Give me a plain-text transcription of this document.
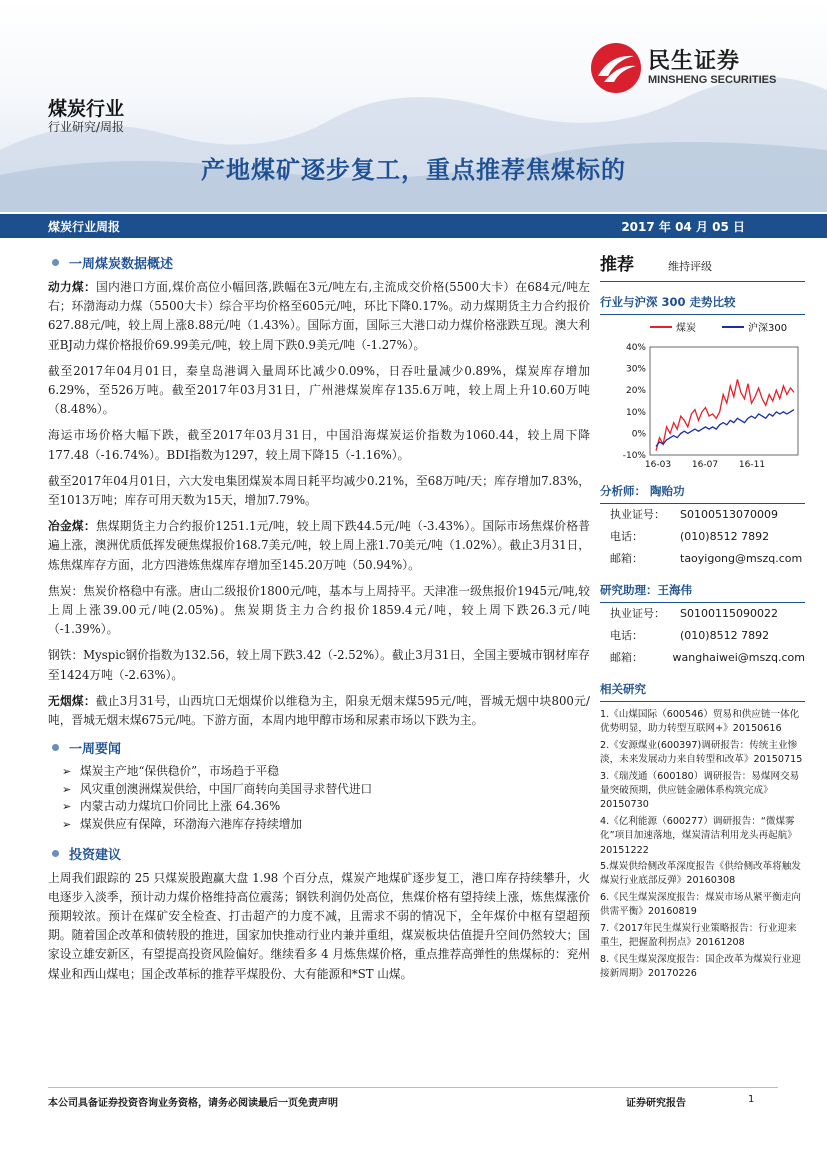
民生证券
MINSHENG SECURITIES
煤炭行业
行业研究/周报
产地煤矿逐步复工，重点推荐焦煤标的
煤炭行业周报	2017 年 04 月 05 日
一周煤炭数据概述

动力煤：国内港口方面,煤价高位小幅回落,跌幅在3元/吨左右,主流成交价格(5500大卡）在684元/吨左右；环渤海动力煤（5500大卡）综合平均价格至605元/吨，环比下降0.17%。动力煤期货主力合约报价627.88元/吨，较上周上涨8.88元/吨（1.43%）。国际方面，国际三大港口动力煤价格涨跌互现。澳大利亚BJ动力煤价格报价69.99美元/吨，较上周下跌0.9美元/吨（-1.27%）。

截至2017年04月01日，秦皇岛港调入量周环比减少0.09%，日吞吐量减少0.89%，煤炭库存增加6.29%，至526万吨。截至2017年03月31日，广州港煤炭库存135.6万吨，较上周上升10.60万吨（8.48%）。

海运市场价格大幅下跌，截至2017年03月31日，中国沿海煤炭运价指数为1060.44，较上周下降177.48（-16.74%）。BDI指数为1297，较上周下降15（-1.16%）。

截至2017年04月01日，六大发电集团煤炭本周日耗平均减少0.21%，至68万吨/天；库存增加7.83%，至1013万吨；库存可用天数为15天，增加7.79%。

冶金煤：焦煤期货主力合约报价1251.1元/吨，较上周下跌44.5元/吨（-3.43%）。国际市场焦煤价格普遍上涨，澳洲优质低挥发硬焦煤报价168.7美元/吨，较上周上涨1.70美元/吨（1.02%）。截止3月31日，炼焦煤库存方面，北方四港炼焦煤库存增加至145.20万吨（50.94%）。

焦炭：焦炭价格稳中有涨。唐山二级报价1800元/吨，基本与上周持平。天津准一级焦报价1945元/吨,较上周上涨39.00元/吨(2.05%)。焦炭期货主力合约报价1859.4元/吨，较上周下跌26.3元/吨（-1.39%）。

钢铁：Myspic钢价指数为132.56，较上周下跌3.42（-2.52%）。截止3月31日，全国主要城市钢材库存至1424万吨（-2.63%）。

无烟煤：截止3月31号，山西坑口无烟煤价以维稳为主，阳泉无烟末煤595元/吨，晋城无烟中块800元/吨，晋城无烟末煤675元/吨。下游方面，本周内地甲醇市场和尿素市场以下跌为主。

一周要闻
➢ 煤炭主产地“保供稳价”，市场趋于平稳
➢ 风灾重创澳洲煤炭供给，中国厂商转向美国寻求替代进口
➢ 内蒙古动力煤坑口价同比上涨 64.36%
➢ 煤炭供应有保障，环渤海六港库存持续增加
投资建议

上周我们跟踪的 25 只煤炭股跑赢大盘 1.98 个百分点，煤炭产地煤矿逐步复工，港口库存持续攀升，火电逐步入淡季，预计动力煤价格维持高位震荡；钢铁利润仍处高位，焦煤价格有望持续上涨，炼焦煤涨价预期较浓。预计在煤矿安全检查、打击超产的力度不减，且需求不弱的情况下，全年煤价中枢有望超预期。随着国企改革和债转股的推进，国家加快推动行业内兼并重组，煤炭板块估值提升空间仍然较大；国家设立雄安新区，有望提高投资风险偏好。继续看多 4 月炼焦煤价格，重点推荐高弹性的焦煤标的：兖州煤业和西山煤电；国企改革标的推荐平煤股份、大有能源和*ST 山煤。

推荐	维持评级
行业与沪深 300 走势比较
煤炭	沪深300
40%
30%
20%
10%
0%
-10%
16-03 16-07 16-11
分析师： 陶贻功
执业证号：	S0100513070009
电话：	(010)8512 7892
邮箱：	taoyigong@mszq.com
研究助理：王海伟
执业证号：	S0100115090022
电话：	(010)8512 7892
邮箱：	wanghaiwei@mszq.com
相关研究
1.《山煤国际（600546）贸易和供应链一体化优势明显，助力转型互联网+》20150616
2.《安源煤业(600397)调研报告：传统主业惨淡，未来发展动力来自转型和改革》20150715
3.《瑞茂通（600180）调研报告：易煤网交易量突破预期，供应链金融体系构筑完成》20150730
4.《亿利能源（600277）调研报告：“微煤雾化”项目加速落地，煤炭清洁利用龙头再起航》20151222
5.煤炭供给侧改革深度报告《供给侧改革将触发煤炭行业底部反弹》20160308
6.《民生煤炭深度报告：煤炭市场从紧平衡走向供需平衡》20160819
7.《2017年民生煤炭行业策略报告：行业迎来重生，把握盈利拐点》20161208
8.《民生煤炭深度报告：国企改革为煤炭行业迎接新周期》20170226
本公司具备证券投资咨询业务资格，请务必阅读最后一页免责声明	证券研究报告	1
